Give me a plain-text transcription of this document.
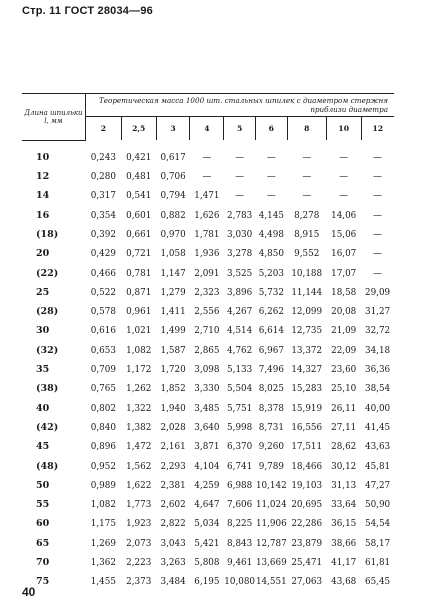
Стр. 11 ГОСТ 28034—96
Длина шпильки l, мм	Теоретическая масса 1000 шт. стальных шпилек с диаметром стержня приблизи диаметра								
	2	2,5	3	4	5	6	8	10	12
10	0,243	0,421	0,617	—	—	—	—	—	—
12	0,280	0,481	0,706	—	—	—	—	—	—
14	0,317	0,541	0,794	1,471	—	—	—	—	—
16	0,354	0,601	0,882	1,626	2,783	4,145	8,278	14,06	—
(18)	0,392	0,661	0,970	1,781	3,030	4,498	8,915	15,06	—
20	0,429	0,721	1,058	1,936	3,278	4,850	9,552	16,07	—
(22)	0,466	0,781	1,147	2,091	3,525	5,203	10,188	17,07	—
25	0,522	0,871	1,279	2,323	3,896	5,732	11,144	18,58	29,09
(28)	0,578	0,961	1,411	2,556	4,267	6,262	12,099	20,08	31,27
30	0,616	1,021	1,499	2,710	4,514	6,614	12,735	21,09	32,72
(32)	0,653	1,082	1,587	2,865	4,762	6,967	13,372	22,09	34,18
35	0,709	1,172	1,720	3,098	5,133	7,496	14,327	23,60	36,36
(38)	0,765	1,262	1,852	3,330	5,504	8,025	15,283	25,10	38,54
40	0,802	1,322	1,940	3,485	5,751	8,378	15,919	26,11	40,00
(42)	0,840	1,382	2,028	3,640	5,998	8,731	16,556	27,11	41,45
45	0,896	1,472	2,161	3,871	6,370	9,260	17,511	28,62	43,63
(48)	0,952	1,562	2,293	4,104	6,741	9,789	18,466	30,12	45,81
50	0,989	1,622	2,381	4,259	6,988	10,142	19,103	31,13	47,27
55	1,082	1,773	2,602	4,647	7,606	11,024	20,695	33,64	50,90
60	1,175	1,923	2,822	5,034	8,225	11,906	22,286	36,15	54,54
65	1,269	2,073	3,043	5,421	8,843	12,787	23,879	38,66	58,17
70	1,362	2,223	3,263	5,808	9,461	13,669	25,471	41,17	61,81
75	1,455	2,373	3,484	6,195	10,080	14,551	27,063	43,68	65,45
40
